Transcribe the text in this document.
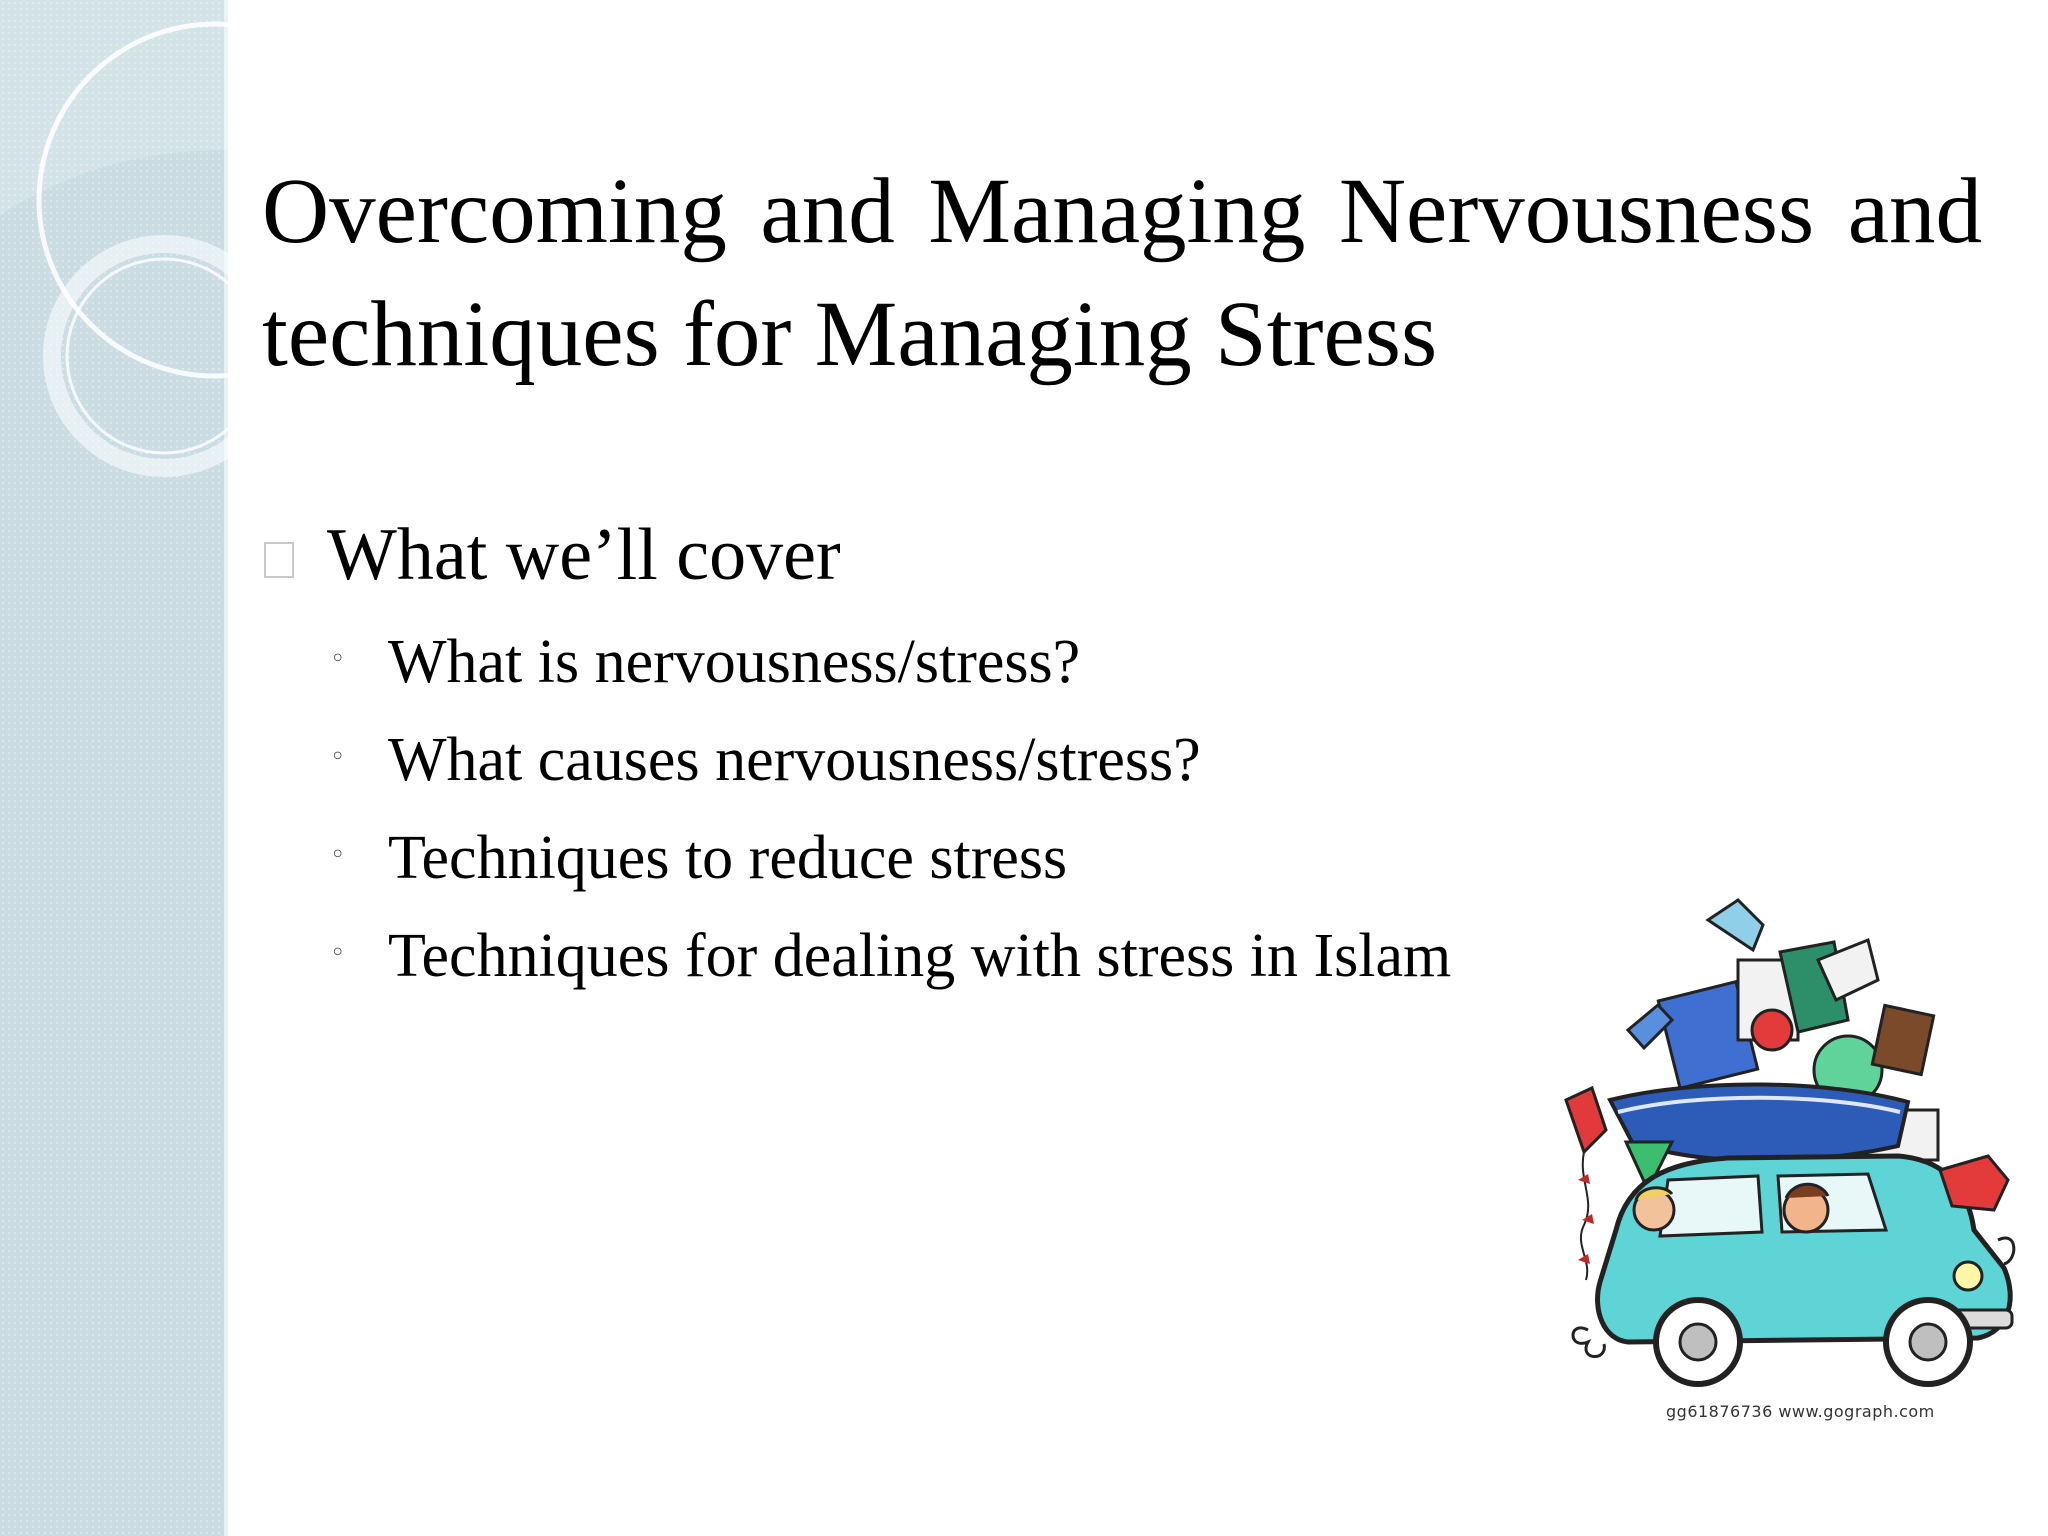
Overcoming and Managing Nervousness and techniques for Managing Stress
What we’ll cover
◦ What is nervousness/stress?
◦ What causes nervousness/stress?
◦ Techniques to reduce stress
◦ Techniques for dealing with stress in Islam
gg61876736 www.gograph.com
